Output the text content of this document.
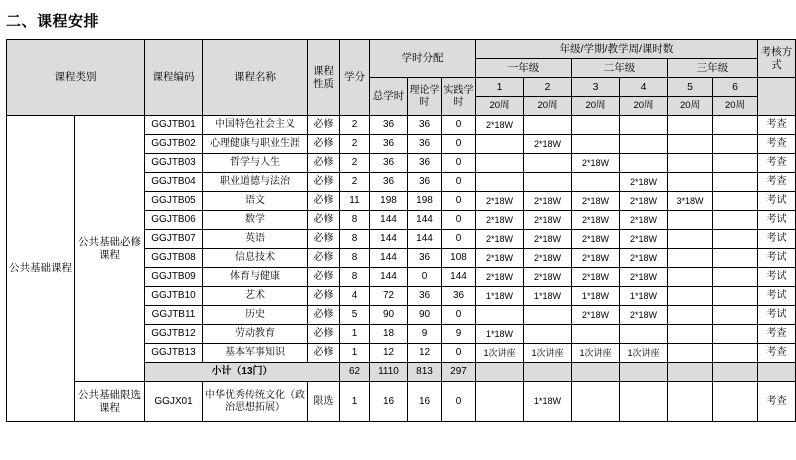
二、课程安排
课程类别		课程编码	课程名称	课程性质	学分	学时分配			年级/学期/教学周/课时数						考核方式
									一年级		二年级		三年级		
						总学时	理论学时	实践学时	1	2	3	4	5	6	
									20周	20周	20周	20周	20周	20周	
公共基础课程	公共基础必修课程	GGJTB01	中国特色社会主义	必修	2	36	36	0	2*18W						考查
		GGJTB02	心理健康与职业生涯	必修	2	36	36	0		2*18W					考查
		GGJTB03	哲学与人生	必修	2	36	36	0			2*18W				考查
		GGJTB04	职业道德与法治	必修	2	36	36	0				2*18W			考查
		GGJTB05	语文	必修	11	198	198	0	2*18W	2*18W	2*18W	2*18W	3*18W		考试
		GGJTB06	数学	必修	8	144	144	0	2*18W	2*18W	2*18W	2*18W			考试
		GGJTB07	英语	必修	8	144	144	0	2*18W	2*18W	2*18W	2*18W			考试
		GGJTB08	信息技术	必修	8	144	36	108	2*18W	2*18W	2*18W	2*18W			考试
		GGJTB09	体育与健康	必修	8	144	0	144	2*18W	2*18W	2*18W	2*18W			考试
		GGJTB10	艺术	必修	4	72	36	36	1*18W	1*18W	1*18W	1*18W			考试
		GGJTB11	历史	必修	5	90	90	0			2*18W	2*18W			考试
		GGJTB12	劳动教育	必修	1	18	9	9	1*18W						考查
		GGJTB13	基本军事知识	必修	1	12	12	0	1次讲座	1次讲座	1次讲座	1次讲座			考查
		小计（13门）			62	1110	813	297							
	公共基础限选课程	GGJX01	中华优秀传统文化（政治思想拓展）	限选	1	16	16	0		1*18W					考查
